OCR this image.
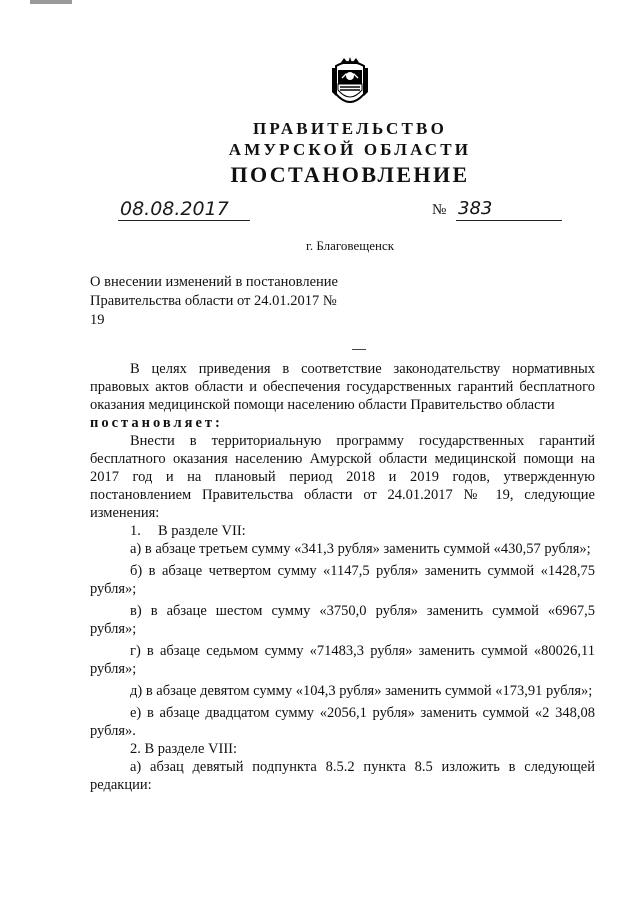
ПРАВИТЕЛЬСТВО
АМУРСКОЙ ОБЛАСТИ
ПОСТАНОВЛЕНИЕ
08.08.2017	№ 383
г. Благовещенск
О внесении изменений в постановление Правительства области от 24.01.2017 № 19

В целях приведения в соответствие законодательству нормативных правовых актов области и обеспечения государственных гарантий бесплатного оказания медицинской помощи населению области Правительство области

постановляет:

Внести в территориальную программу государственных гарантий бесплатного оказания населению Амурской области медицинской помощи на 2017 год и на плановый период 2018 и 2019 годов, утвержденную постановлением Правительства области от 24.01.2017 № 19, следующие изменения:

1. В разделе VII:

а) в абзаце третьем сумму «341,3 рубля» заменить суммой «430,57 рубля»;

б) в абзаце четвертом сумму «1147,5 рубля» заменить суммой «1428,75 рубля»;

в) в абзаце шестом сумму «3750,0 рубля» заменить суммой «6967,5 рубля»;

г) в абзаце седьмом сумму «71483,3 рубля» заменить суммой «80026,11 рубля»;

д) в абзаце девятом сумму «104,3 рубля» заменить суммой «173,91 рубля»;

е) в абзаце двадцатом сумму «2056,1 рубля» заменить суммой «2 348,08 рубля».

2. В разделе VIII:

а) абзац девятый подпункта 8.5.2 пункта 8.5 изложить в следующей редакции:
